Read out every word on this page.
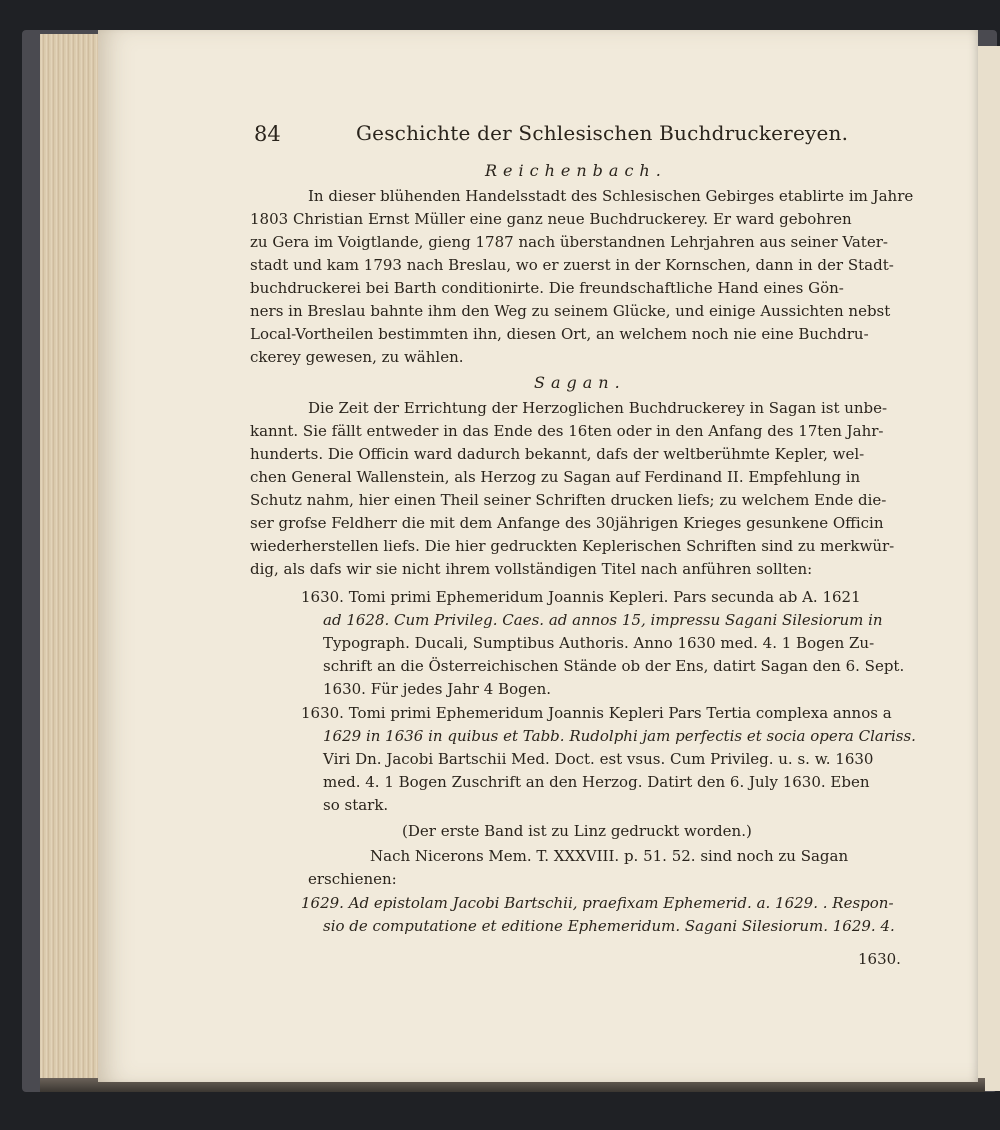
84	Geschichte der Schlesischen Buchdruckereyen.
Reichenbach.
In dieser blühenden Handelsstadt des Schlesischen Gebirges etablirte im Jahre
1803 Christian Ernst Müller eine ganz neue Buchdruckerey. Er ward gebohren
zu Gera im Voigtlande, gieng 1787 nach überstandnen Lehrjahren aus seiner Vater-
stadt und kam 1793 nach Breslau, wo er zuerst in der Kornschen, dann in der Stadt-
buchdruckerei bei Barth conditionirte. Die freundschaftliche Hand eines Gön-
ners in Breslau bahnte ihm den Weg zu seinem Glücke, und einige Aussichten nebst
Local-Vortheilen bestimmten ihn, diesen Ort, an welchem noch nie eine Buchdru-
ckerey gewesen, zu wählen.
Sagan.
Die Zeit der Errichtung der Herzoglichen Buchdruckerey in Sagan ist unbe-
kannt. Sie fällt entweder in das Ende des 16ten oder in den Anfang des 17ten Jahr-
hunderts. Die Officin ward dadurch bekannt, dafs der weltberühmte Kepler, wel-
chen General Wallenstein, als Herzog zu Sagan auf Ferdinand II. Empfehlung in
Schutz nahm, hier einen Theil seiner Schriften drucken liefs; zu welchem Ende die-
ser grofse Feldherr die mit dem Anfange des 30jährigen Krieges gesunkene Officin
wiederherstellen liefs. Die hier gedruckten Keplerischen Schriften sind zu merkwür-
dig, als dafs wir sie nicht ihrem vollständigen Titel nach anführen sollten:
1630. Tomi primi Ephemeridum Joannis Kepleri. Pars secunda ab A. 1621
ad 1628. Cum Privileg. Caes. ad annos 15, impressu Sagani Silesiorum in
Typograph. Ducali, Sumptibus Authoris. Anno 1630 med. 4. 1 Bogen Zu-
schrift an die Österreichischen Stände ob der Ens, datirt Sagan den 6. Sept.
1630. Für jedes Jahr 4 Bogen.
1630. Tomi primi Ephemeridum Joannis Kepleri Pars Tertia complexa annos a
1629 in 1636 in quibus et Tabb. Rudolphi jam perfectis et socia opera Clariss.
Viri Dn. Jacobi Bartschii Med. Doct. est vsus. Cum Privileg. u. s. w. 1630
med. 4. 1 Bogen Zuschrift an den Herzog. Datirt den 6. July 1630. Eben
so stark.
(Der erste Band ist zu Linz gedruckt worden.)
Nach Nicerons Mem. T. XXXVIII. p. 51. 52. sind noch zu Sagan
erschienen:
1629. Ad epistolam Jacobi Bartschii, praefixam Ephemerid. a. 1629. . Respon-
sio de computatione et editione Ephemeridum. Sagani Silesiorum. 1629. 4.
1630.
